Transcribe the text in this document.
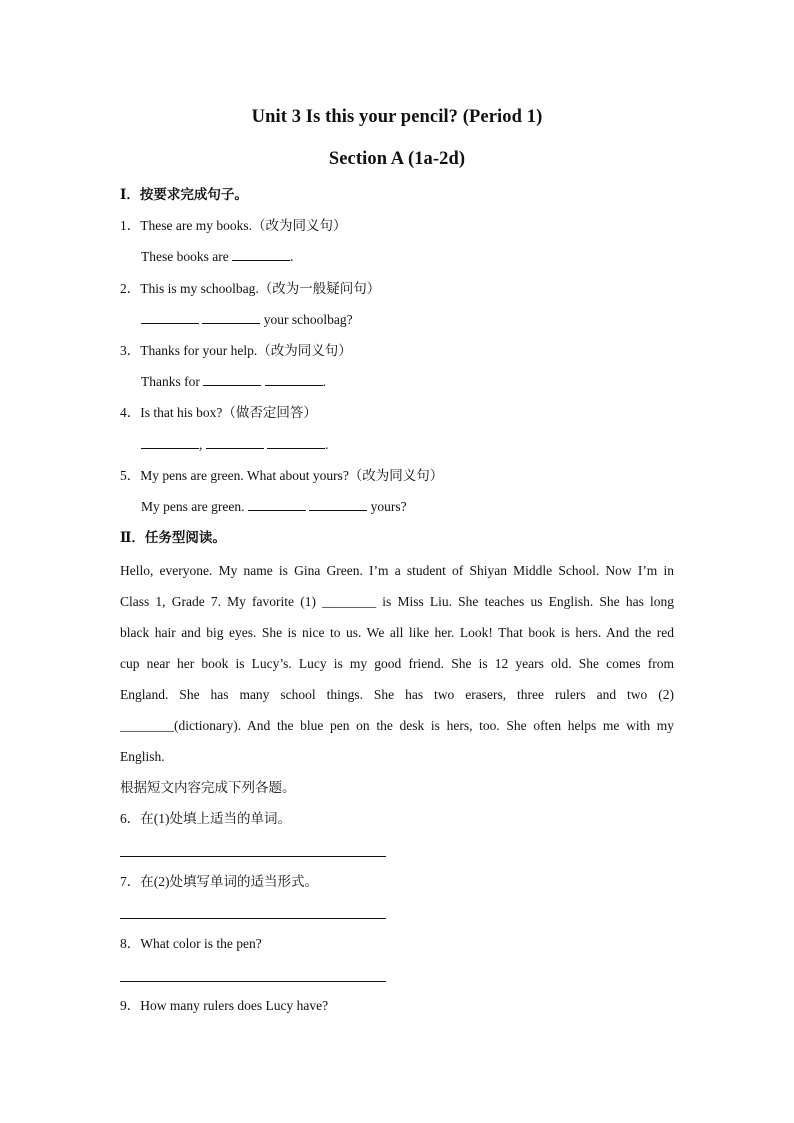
Unit 3 Is this your pencil? (Period 1)
Section A (1a-2d)
Ⅰ．按要求完成句子。
1．These are my books.（改为同义句）
These books are	.
2．This is my schoolbag.（改为一般疑问句）
your schoolbag?
3．Thanks for your help.（改为同义句）
Thanks for	.
4．Is that his box?（做否定回答）
,	.
5．My pens are green. What about yours?（改为同义句）
My pens are green.	yours?
Ⅱ．任务型阅读。
Hello, everyone. My name is Gina Green. I’m a student of Shiyan Middle School. Now I’m in
Class 1, Grade 7. My favorite (1) ________ is Miss Liu. She teaches us English. She has long
black hair and big eyes. She is nice to us. We all like her. Look! That book is hers. And the red
cup near her book is Lucy’s. Lucy is my good friend. She is 12 years old. She comes from
England. She has many school things. She has two erasers, three rulers and two (2)
________(dictionary). And the blue pen on the desk is hers, too. She often helps me with my
English.
根据短文内容完成下列各题。
6．在(1)处填上适当的单词。
7．在(2)处填写单词的适当形式。
8．What color is the pen?
9．How many rulers does Lucy have?
